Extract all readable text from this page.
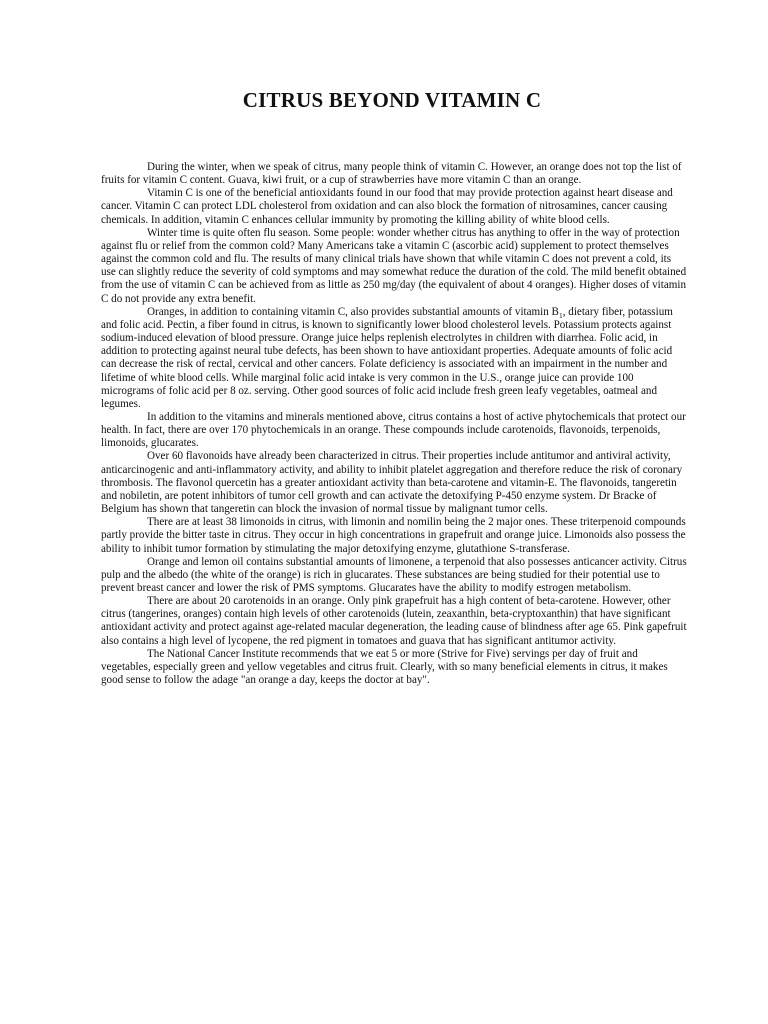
CITRUS BEYOND VITAMIN C

During the winter, when we speak of citrus, many people think of vitamin C. However, an orange does not top the list of fruits for vitamin C content. Guava, kiwi fruit, or a cup of strawberries have more vitamin C than an orange.

Vitamin C is one of the beneficial antioxidants found in our food that may provide protection against heart disease and cancer. Vitamin C can protect LDL cholesterol from oxidation and can also block the formation of nitrosamines, cancer causing chemicals. In addition, vitamin C enhances cellular immunity by promoting the killing ability of white blood cells.

Winter time is quite often flu season. Some people: wonder whether citrus has anything to offer in the way of protection against flu or relief from the common cold? Many Americans take a vitamin C (ascorbic acid) supplement to protect themselves against the common cold and flu. The results of many clinical trials have shown that while vitamin C does not prevent a cold, its use can slightly reduce the severity of cold symptoms and may somewhat reduce the duration of the cold. The mild benefit obtained from the use of vitamin C can be achieved from as little as 250 mg/day (the equivalent of about 4 oranges). Higher doses of vitamin C do not provide any extra benefit.

Oranges, in addition to containing vitamin C, also provides substantial amounts of vitamin $B_1$, dietary fiber, potassium and folic acid. Pectin, a fiber found in citrus, is known to significantly lower blood cholesterol levels. Potassium protects against sodium-induced elevation of blood pressure. Orange juice helps replenish electrolytes in children with diarrhea. Folic acid, in addition to protecting against neural tube defects, has been shown to have antioxidant properties. Adequate amounts of folic acid can decrease the risk of rectal, cervical and other cancers. Folate deficiency is associated with an impairment in the number and lifetime of white blood cells. While marginal folic acid intake is very common in the U.S., orange juice can provide 100 micrograms of folic acid per 8 oz. serving. Other good sources of folic acid include fresh green leafy vegetables, oatmeal and legumes.

In addition to the vitamins and minerals mentioned above, citrus contains a host of active phytochemicals that protect our health. In fact, there are over 170 phytochemicals in an orange. These compounds include carotenoids, flavonoids, terpenoids, limonoids, glucarates.

Over 60 flavonoids have already been characterized in citrus. Their properties include antitumor and antiviral activity, anticarcinogenic and anti-inflammatory activity, and ability to inhibit platelet aggregation and therefore reduce the risk of coronary thrombosis. The flavonol quercetin has a greater antioxidant activity than beta-carotene and vitamin-E. The flavonoids, tangeretin and nobiletin, are potent inhibitors of tumor cell growth and can activate the detoxifying P-450 enzyme system. Dr Bracke of Belgium has shown that tangeretin can block the invasion of normal tissue by malignant tumor cells.

There are at least 38 limonoids in citrus, with limonin and nomilin being the 2 major ones. These triterpenoid compounds partly provide the bitter taste in citrus. They occur in high concentrations in grapefruit and orange juice. Limonoids also possess the ability to inhibit tumor formation by stimulating the major detoxifying enzyme, glutathione S-transferase.

Orange and lemon oil contains substantial amounts of limonene, a terpenoid that also possesses anticancer activity. Citrus pulp and the albedo (the white of the orange) is rich in glucarates. These substances are being studied for their potential use to prevent breast cancer and lower the risk of PMS symptoms. Glucarates have the ability to modify estrogen metabolism.

There are about 20 carotenoids in an orange. Only pink grapefruit has a high content of beta-carotene. However, other citrus (tangerines, oranges) contain high levels of other carotenoids (lutein, zeaxanthin, beta-cryptoxanthin) that have significant antioxidant activity and protect against age-related macular degeneration, the leading cause of blindness after age 65. Pink gapefruit also contains a high level of lycopene, the red pigment in tomatoes and guava that has significant antitumor activity.

The National Cancer Institute recommends that we eat 5 or more (Strive for Five) servings per day of fruit and vegetables, especially green and yellow vegetables and citrus fruit. Clearly, with so many beneficial elements in citrus, it makes good sense to follow the adage "an orange a day, keeps the doctor at bay".
